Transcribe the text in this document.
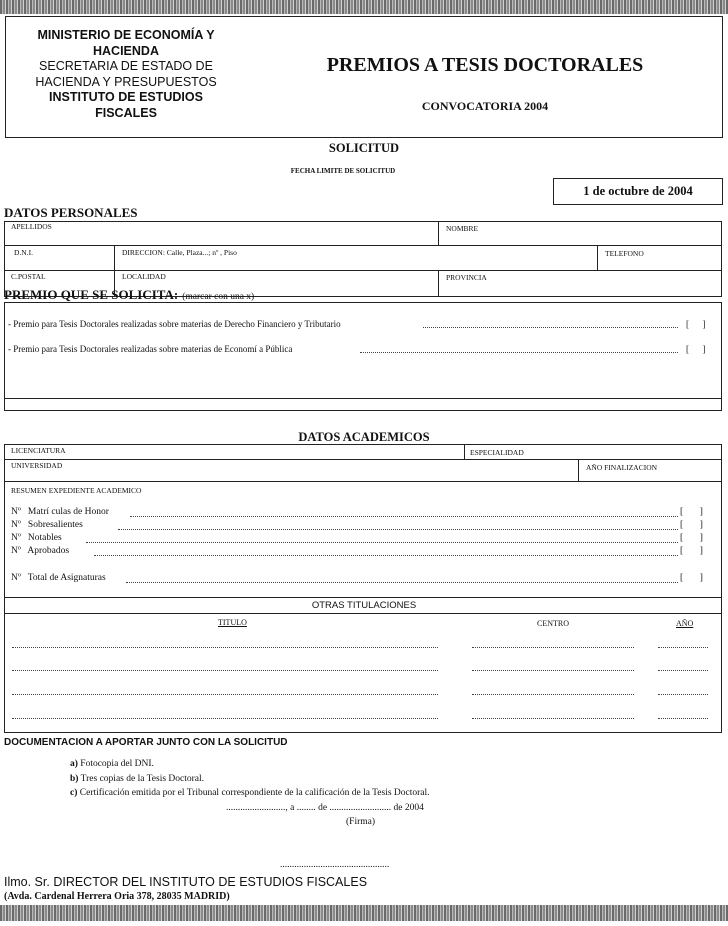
MINISTERIO DE ECONOMÍA Y
HACIENDA
SECRETARIA DE ESTADO DE
HACIENDA Y PRESUPUESTOS
INSTITUTO DE ESTUDIOS
FISCALES
PREMIOS A TESIS DOCTORALES
CONVOCATORIA 2004
SOLICITUD
FECHA LIMITE DE SOLICITUD
1 de octubre de 2004
DATOS PERSONALES
APELLIDOS	NOMBRE
D.N.I.	DIRECCION: Calle, Plaza...; nº , Piso	TELEFONO
C.POSTAL	LOCALIDAD	PROVINCIA
PREMIO QUE SE SOLICITA: (marcar con una x)
- Premio para Tesis Doctorales realizadas sobre materias de Derecho Financiero y Tributario	[      ]
- Premio para Tesis Doctorales realizadas sobre materias de Economí a Pública	[      ]
DATOS ACADEMICOS
LICENCIATURA	ESPECIALIDAD
UNIVERSIDAD	AÑO FINALIZACION
RESUMEN EXPEDIENTE ACADEMICO
Nº   Matrí culas de Honor	[       ]
Nº   Sobresalientes	[       ]
Nº   Notables	[       ]
Nº   Aprobados	[       ]
Nº   Total de Asignaturas	[       ]
OTRAS TITULACIONES
TITULO	CENTRO	AÑO
DOCUMENTACION A APORTAR JUNTO CON LA SOLICITUD
a) Fotocopia del DNI.
b) Tres copias de la Tesis Doctoral.
c) Certificación emitida por el Tribunal correspondiente de la calificación de la Tesis Doctoral.
........................., a ........ de .......................... de 2004
(Firma)
..............................................
Ilmo. Sr. DIRECTOR DEL INSTITUTO DE ESTUDIOS FISCALES
(Avda. Cardenal Herrera Oria 378, 28035 MADRID)
